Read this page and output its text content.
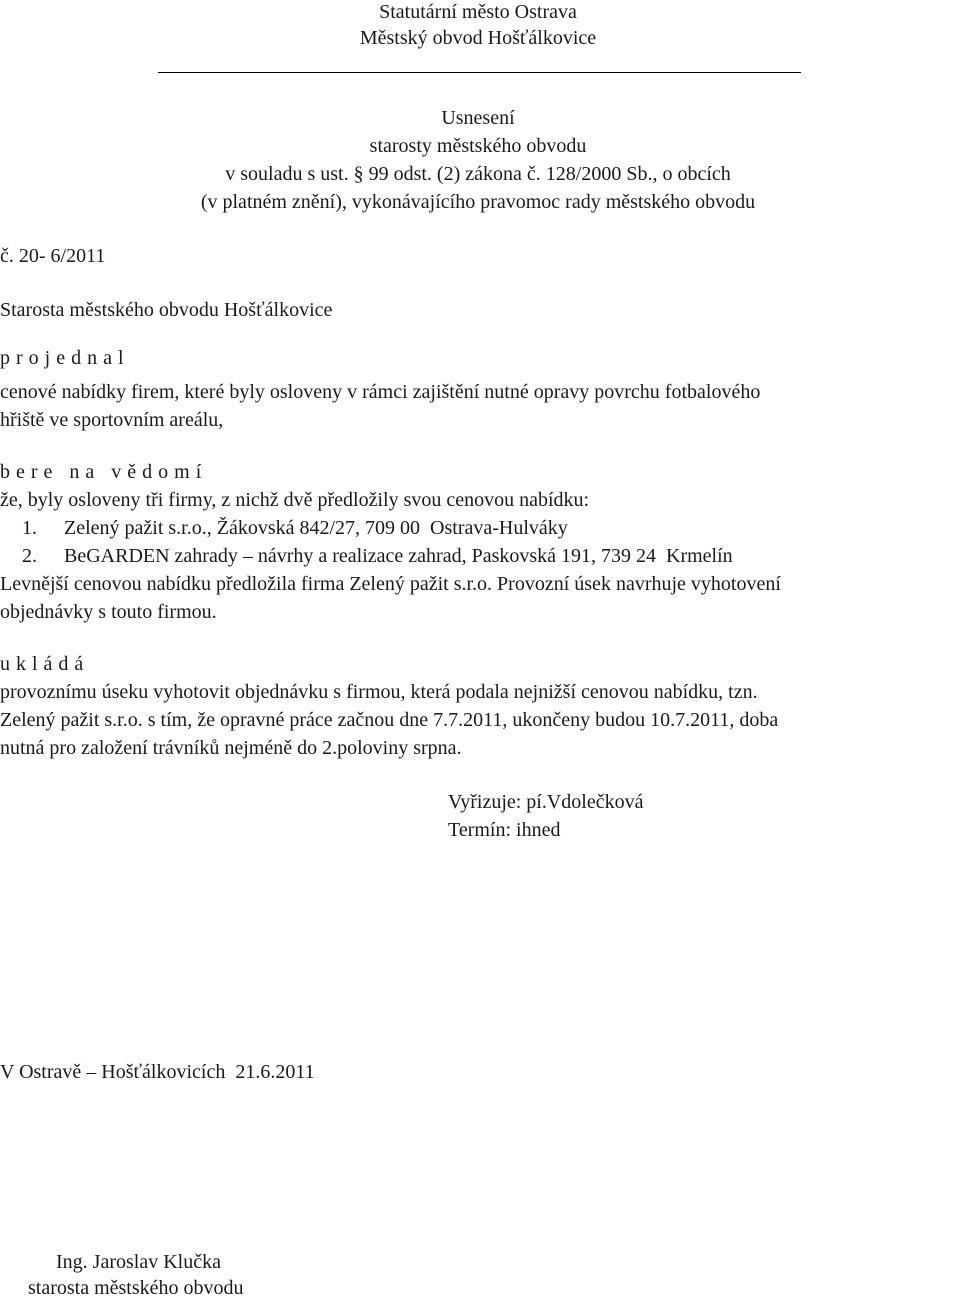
Statutární město Ostrava
Městský obvod Hošťálkovice
Usnesení
starosty městského obvodu
v souladu s ust. § 99 odst. (2) zákona č. 128/2000 Sb., o obcích
(v platném znění), vykonávajícího pravomoc rady městského obvodu
č. 20- 6/2011
Starosta městského obvodu Hošťálkovice
p r o j e d n a l
cenové nabídky firem, které byly osloveny v rámci zajištění nutné opravy povrchu fotbalového
hřiště ve sportovním areálu,
b e r e   n a   v ě d o m í
že, byly osloveny tři firmy, z nichž dvě předložily svou cenovou nabídku:
1. Zelený pažit s.r.o., Žákovská 842/27, 709 00  Ostrava-Hulváky
2. BeGARDEN zahrady – návrhy a realizace zahrad, Paskovská 191, 739 24  Krmelín
Levnější cenovou nabídku předložila firma Zelený pažit s.r.o. Provozní úsek navrhuje vyhotovení
objednávky s touto firmou.
u k l á d á
provoznímu úseku vyhotovit objednávku s firmou, která podala nejnižší cenovou nabídku, tzn.
Zelený pažit s.r.o. s tím, že opravné práce začnou dne 7.7.2011, ukončeny budou 10.7.2011, doba
nutná pro založení trávníků nejméně do 2.poloviny srpna.
Vyřizuje: pí.Vdolečková
Termín: ihned
V Ostravě – Hošťálkovicích  21.6.2011
Ing. Jaroslav Klučka
starosta městského obvodu
